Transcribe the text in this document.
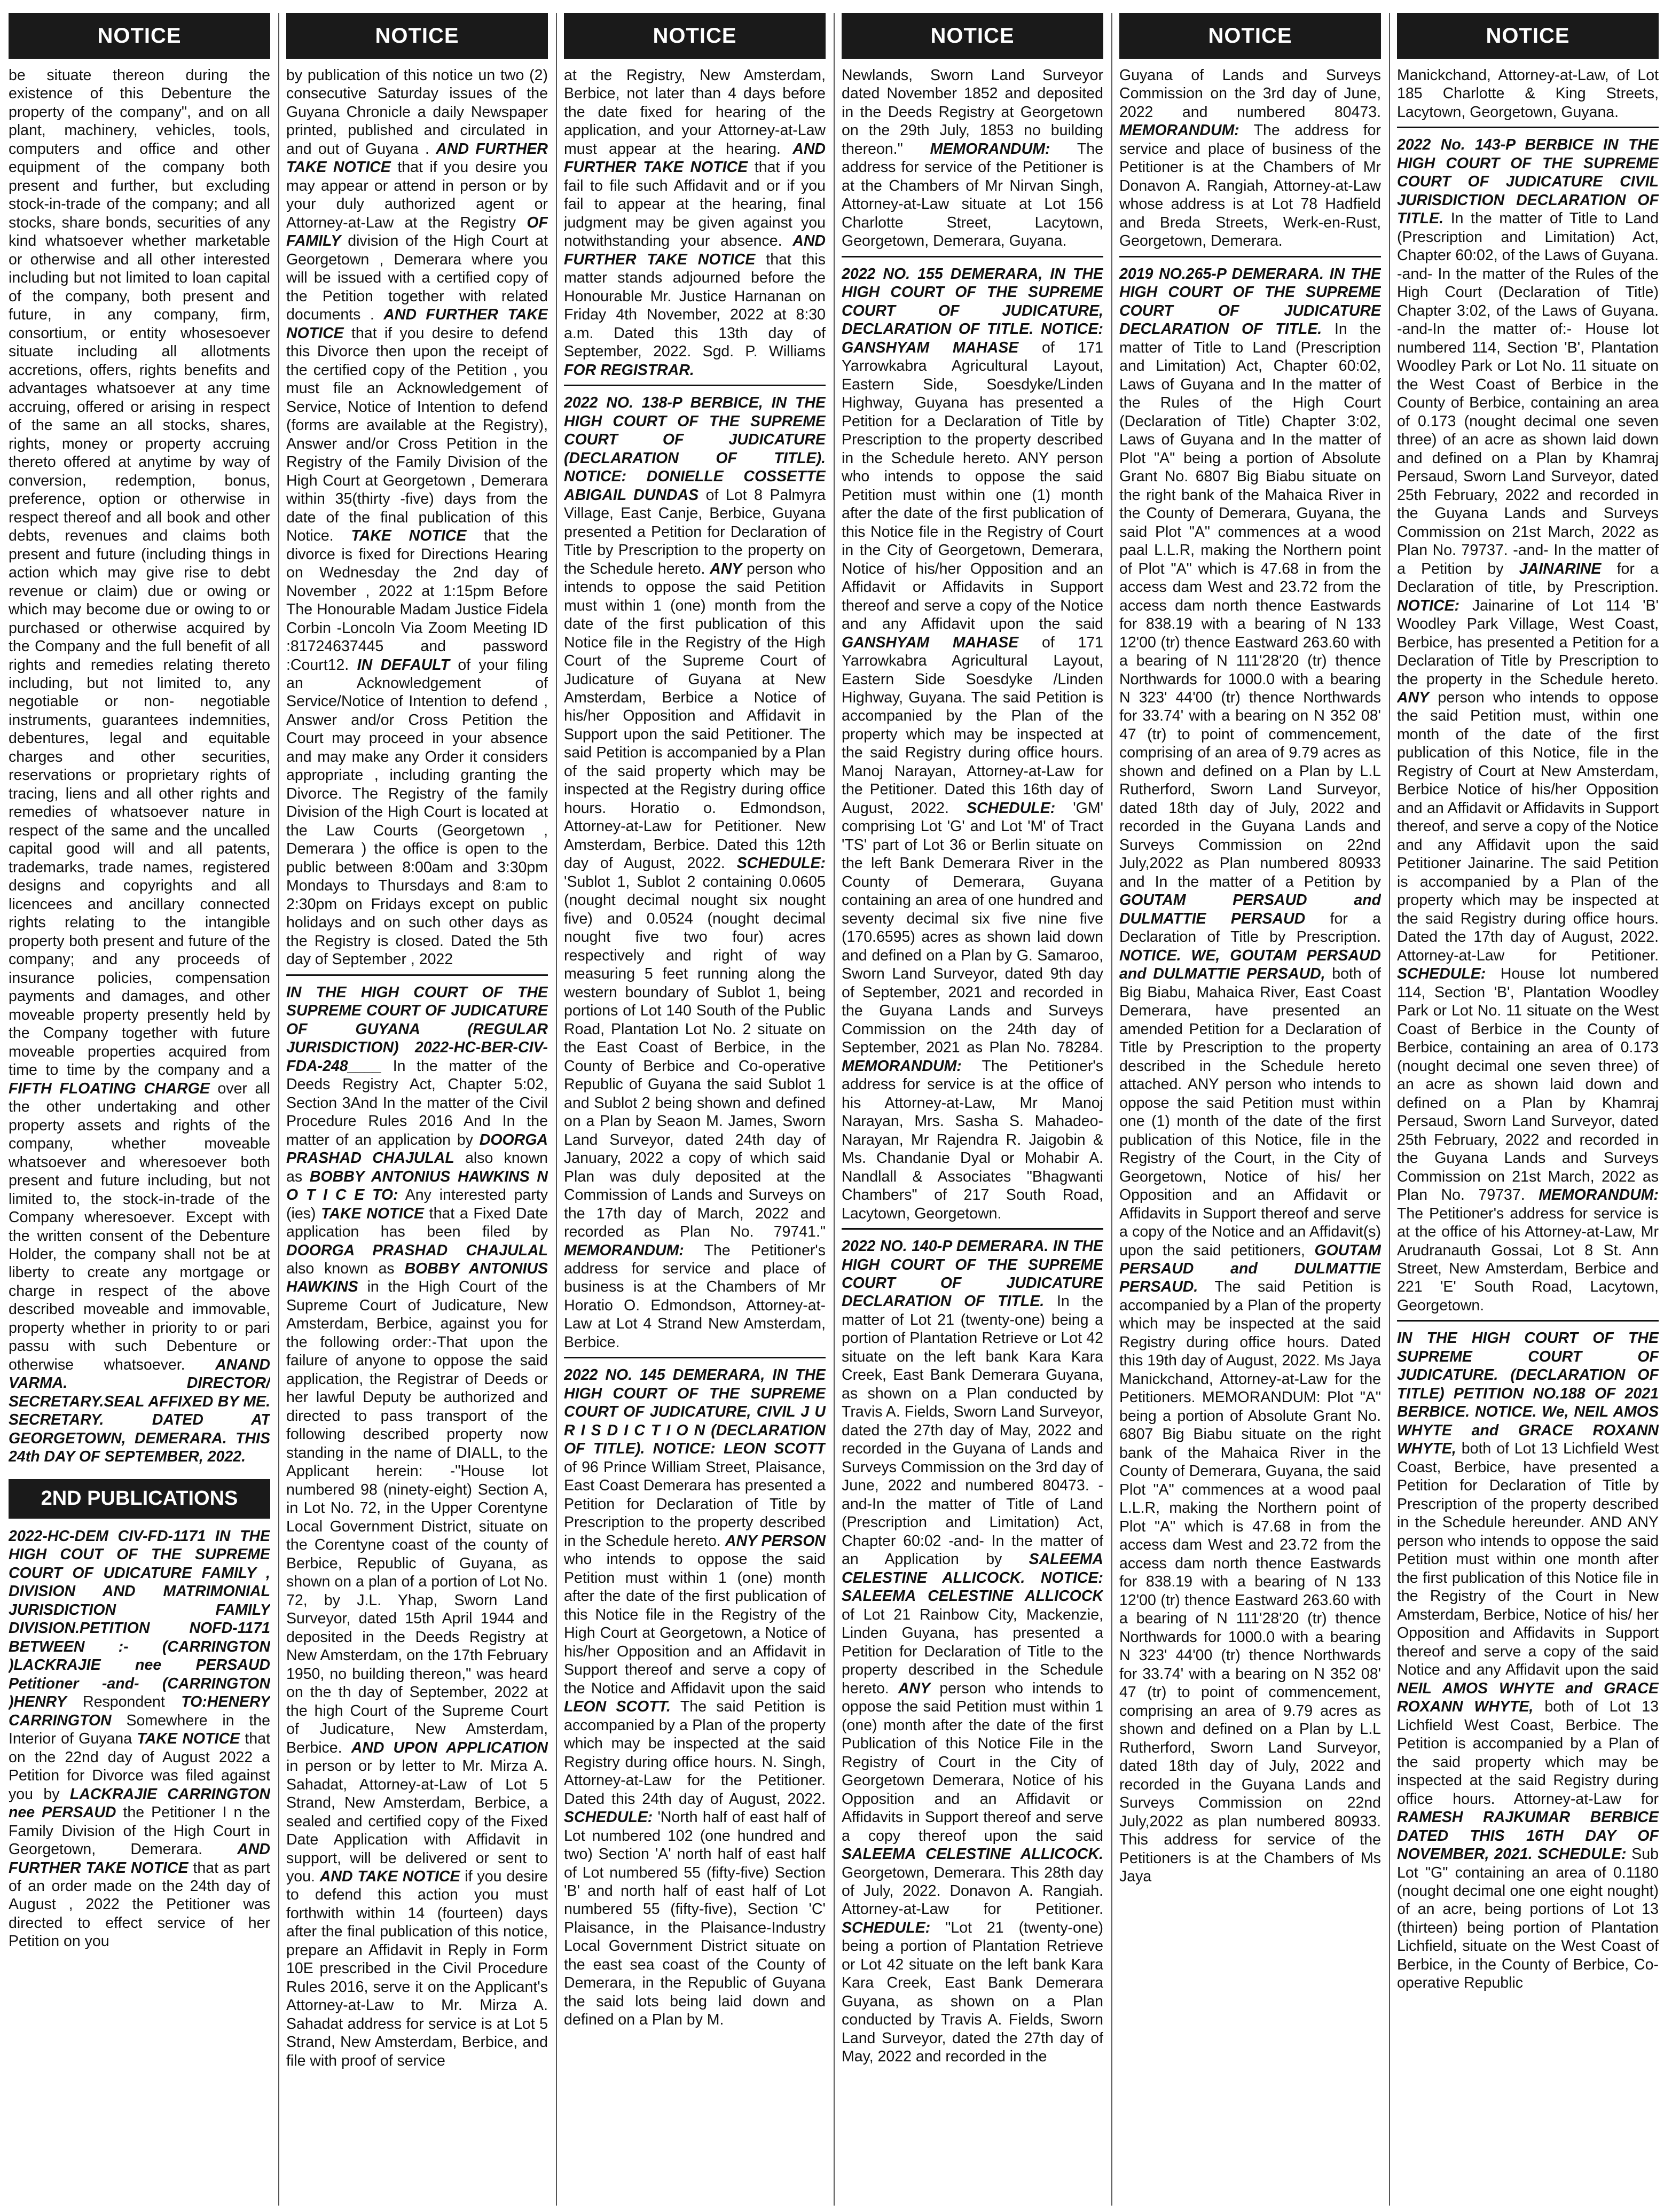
NOTICE

be situate thereon during the existence of this Debenture the property of the company", and on all plant, machinery, vehicles, tools, computers and office and other equipment of the company both present and further, but excluding stock-in-trade of the company; and all stocks, share bonds, securities of any kind whatsoever whether marketable or otherwise and all other interested including but not limited to loan capital of the company, both present and future, in any company, firm, consortium, or entity whosesoever situate including all allotments accretions, offers, rights benefits and advantages whatsoever at any time accruing, offered or arising in respect of the same an all stocks, shares, rights, money or property accruing thereto offered at anytime by way of conversion, redemption, bonus, preference, option or otherwise in respect thereof and all book and other debts, revenues and claims both present and future (including things in action which may give rise to debt revenue or claim) due or owing or which may become due or owing to or purchased or otherwise acquired by the Company and the full benefit of all rights and remedies relating thereto including, but not limited to, any negotiable or non- negotiable instruments, guarantees indemnities, debentures, legal and equitable charges and other securities, reservations or proprietary rights of tracing, liens and all other rights and remedies of whatsoever nature in respect of the same and the uncalled capital good will and all patents, trademarks, trade names, registered designs and copyrights and all licencees and ancillary connected rights relating to the intangible property both present and future of the company; and any proceeds of insurance policies, compensation payments and damages, and other moveable property presently held by the Company together with future moveable properties acquired from time to time by the company and a FIFTH FLOATING CHARGE over all the other undertaking and other property assets and rights of the company, whether moveable whatsoever and wheresoever both present and future including, but not limited to, the stock-in-trade of the Company wheresoever. Except with the written consent of the Debenture Holder, the company shall not be at liberty to create any mortgage or charge in respect of the above described moveable and immovable, property whether in priority to or pari passu with such Debenture or otherwise whatsoever. ANAND VARMA. DIRECTOR/ SECRETARY.SEAL AFFIXED BY ME. SECRETARY. DATED AT GEORGETOWN, DEMERARA. THIS 24th DAY OF SEPTEMBER, 2022.

2ND PUBLICATIONS

2022-HC-DEM CIV-FD-1171 IN THE HIGH COUT OF THE SUPREME COURT OF UDICATURE FAMILY , DIVISION AND MATRIMONIAL JURISDICTION FAMILY DIVISION.PETITION NOFD-1171 BETWEEN :- (CARRINGTON )LACKRAJIE nee PERSAUD Petitioner -and- (CARRINGTON )HENRY Respondent TO:HENERY CARRINGTON Somewhere in the Interior of Guyana TAKE NOTICE that on the 22nd day of August 2022 a Petition for Divorce was filed against you by LACKRAJIE CARRINGTON nee PERSAUD the Petitioner I n the Family Division of the High Court in Georgetown, Demerara. AND FURTHER TAKE NOTICE that as part of an order made on the 24th day of August , 2022 the Petitioner was directed to effect service of her Petition on you

NOTICE

by publication of this notice un two (2) consecutive Saturday issues of the Guyana Chronicle a daily Newspaper printed, published and circulated in and out of Guyana . AND FURTHER TAKE NOTICE that if you desire you may appear or attend in person or by your duly authorized agent or Attorney-at-Law at the Registry OF FAMILY division of the High Court at Georgetown , Demerara where you will be issued with a certified copy of the Petition together with related documents . AND FURTHER TAKE NOTICE that if you desire to defend this Divorce then upon the receipt of the certified copy of the Petition , you must file an Acknowledgement of Service, Notice of Intention to defend (forms are available at the Registry), Answer and/or Cross Petition in the Registry of the Family Division of the High Court at Georgetown , Demerara within 35(thirty -five) days from the date of the final publication of this Notice. TAKE NOTICE that the divorce is fixed for Directions Hearing on Wednesday the 2nd day of November , 2022 at 1:15pm Before The Honourable Madam Justice Fidela Corbin -Loncoln Via Zoom Meeting ID :81724637445 and password :Court12. IN DEFAULT of your filing an Acknowledgement of Service/Notice of Intention to defend , Answer and/or Cross Petition the Court may proceed in your absence and may make any Order it considers appropriate , including granting the Divorce. The Registry of the family Division of the High Court is located at the Law Courts (Georgetown , Demerara ) the office is open to the public between 8:00am and 3:30pm Mondays to Thursdays and 8:am to 2:30pm on Fridays except on public holidays and on such other days as the Registry is closed. Dated the 5th day of September , 2022

IN THE HIGH COURT OF THE SUPREME COURT OF JUDICATURE OF GUYANA (REGULAR JURISDICTION) 2022-HC-BER-CIV- FDA-248____ In the matter of the Deeds Registry Act, Chapter 5:02, Section 3And In the matter of the Civil Procedure Rules 2016 And In the matter of an application by DOORGA PRASHAD CHAJULAL also known as BOBBY ANTONIUS HAWKINS N O T I C E TO: Any interested party (ies) TAKE NOTICE that a Fixed Date application has been filed by DOORGA PRASHAD CHAJULAL also known as BOBBY ANTONIUS HAWKINS in the High Court of the Supreme Court of Judicature, New Amsterdam, Berbice, against you for the following order:-That upon the failure of anyone to oppose the said application, the Registrar of Deeds or her lawful Deputy be authorized and directed to pass transport of the following described property now standing in the name of DIALL, to the Applicant herein: -"House lot numbered 98 (ninety-eight) Section A, in Lot No. 72, in the Upper Corentyne Local Government District, situate on the Corentyne coast of the county of Berbice, Republic of Guyana, as shown on a plan of a portion of Lot No. 72, by J.L. Yhap, Sworn Land Surveyor, dated 15th April 1944 and deposited in the Deeds Registry at New Amsterdam, on the 17th February 1950, no building thereon," was heard on the th day of September, 2022 at the high Court of the Supreme Court of Judicature, New Amsterdam, Berbice. AND UPON APPLICATION in person or by letter to Mr. Mirza A. Sahadat, Attorney-at-Law of Lot 5 Strand, New Amsterdam, Berbice, a sealed and certified copy of the Fixed Date Application with Affidavit in support, will be delivered or sent to you. AND TAKE NOTICE if you desire to defend this action you must forthwith within 14 (fourteen) days after the final publication of this notice, prepare an Affidavit in Reply in Form 10E prescribed in the Civil Procedure Rules 2016, serve it on the Applicant's Attorney-at-Law to Mr. Mirza A. Sahadat address for service is at Lot 5 Strand, New Amsterdam, Berbice, and file with proof of service

NOTICE

at the Registry, New Amsterdam, Berbice, not later than 4 days before the date fixed for hearing of the application, and your Attorney-at-Law must appear at the hearing. AND FURTHER TAKE NOTICE that if you fail to file such Affidavit and or if you fail to appear at the hearing, final judgment may be given against you notwithstanding your absence. AND FURTHER TAKE NOTICE that this matter stands adjourned before the Honourable Mr. Justice Harnanan on Friday 4th November, 2022 at 8:30 a.m. Dated this 13th day of September, 2022. Sgd. P. Williams FOR REGISTRAR.

2022 NO. 138-P BERBICE, IN THE HIGH COURT OF THE SUPREME COURT OF JUDICATURE (DECLARATION OF TITLE). NOTICE: DONIELLE COSSETTE ABIGAIL DUNDAS of Lot 8 Palmyra Village, East Canje, Berbice, Guyana presented a Petition for Declaration of Title by Prescription to the property on the Schedule hereto. ANY person who intends to oppose the said Petition must within 1 (one) month from the date of the first publication of this Notice file in the Registry of the High Court of the Supreme Court of Judicature of Guyana at New Amsterdam, Berbice a Notice of his/her Opposition and Affidavit in Support upon the said Petitioner. The said Petition is accompanied by a Plan of the said property which may be inspected at the Registry during office hours. Horatio o. Edmondson, Attorney-at-Law for Petitioner. New Amsterdam, Berbice. Dated this 12th day of August, 2022. SCHEDULE: 'Sublot 1, Sublot 2 containing 0.0605 (nought decimal nought six nought five) and 0.0524 (nought decimal nought five two four) acres respectively and right of way measuring 5 feet running along the western boundary of Sublot 1, being portions of Lot 140 South of the Public Road, Plantation Lot No. 2 situate on the East Coast of Berbice, in the County of Berbice and Co-operative Republic of Guyana the said Sublot 1 and Sublot 2 being shown and defined on a Plan by Seaon M. James, Sworn Land Surveyor, dated 24th day of January, 2022 a copy of which said Plan was duly deposited at the Commission of Lands and Surveys on the 17th day of March, 2022 and recorded as Plan No. 79741." MEMORANDUM: The Petitioner's address for service and place of business is at the Chambers of Mr Horatio O. Edmondson, Attorney-at-Law at Lot 4 Strand New Amsterdam, Berbice.

2022 NO. 145 DEMERARA, IN THE HIGH COURT OF THE SUPREME COURT OF JUDICATURE, CIVIL J U R I S D I C T I O N (DECLARATION OF TITLE). NOTICE: LEON SCOTT of 96 Prince William Street, Plaisance, East Coast Demerara has presented a Petition for Declaration of Title by Prescription to the property described in the Schedule hereto. ANY PERSON who intends to oppose the said Petition must within 1 (one) month after the date of the first publication of this Notice file in the Registry of the High Court at Georgetown, a Notice of his/her Opposition and an Affidavit in Support thereof and serve a copy of the Notice and Affidavit upon the said LEON SCOTT. The said Petition is accompanied by a Plan of the property which may be inspected at the said Registry during office hours. N. Singh, Attorney-at-Law for the Petitioner. Dated this 24th day of August, 2022. SCHEDULE: 'North half of east half of Lot numbered 102 (one hundred and two) Section 'A' north half of east half of Lot numbered 55 (fifty-five) Section 'B' and north half of east half of Lot numbered 55 (fifty-five), Section 'C' Plaisance, in the Plaisance-Industry Local Government District situate on the east sea coast of the County of Demerara, in the Republic of Guyana the said lots being laid down and defined on a Plan by M.

NOTICE

Newlands, Sworn Land Surveyor dated November 1852 and deposited in the Deeds Registry at Georgetown on the 29th July, 1853 no building thereon." MEMORANDUM: The address for service of the Petitioner is at the Chambers of Mr Nirvan Singh, Attorney-at-Law situate at Lot 156 Charlotte Street, Lacytown, Georgetown, Demerara, Guyana.

2022 NO. 155 DEMERARA, IN THE HIGH COURT OF THE SUPREME COURT OF JUDICATURE, DECLARATION OF TITLE. NOTICE: GANSHYAM MAHASE of 171 Yarrowkabra Agricultural Layout, Eastern Side, Soesdyke/Linden Highway, Guyana has presented a Petition for a Declaration of Title by Prescription to the property described in the Schedule hereto. ANY person who intends to oppose the said Petition must within one (1) month after the date of the first publication of this Notice file in the Registry of Court in the City of Georgetown, Demerara, Notice of his/her Opposition and an Affidavit or Affidavits in Support thereof and serve a copy of the Notice and any Affidavit upon the said GANSHYAM MAHASE of 171 Yarrowkabra Agricultural Layout, Eastern Side Soesdyke /Linden Highway, Guyana. The said Petition is accompanied by the Plan of the property which may be inspected at the said Registry during office hours. Manoj Narayan, Attorney-at-Law for the Petitioner. Dated this 16th day of August, 2022. SCHEDULE: 'GM' comprising Lot 'G' and Lot 'M' of Tract 'TS' part of Lot 36 or Berlin situate on the left Bank Demerara River in the County of Demerara, Guyana containing an area of one hundred and seventy decimal six five nine five (170.6595) acres as shown laid down and defined on a Plan by G. Samaroo, Sworn Land Surveyor, dated 9th day of September, 2021 and recorded in the Guyana Lands and Surveys Commission on the 24th day of September, 2021 as Plan No. 78284. MEMORANDUM: The Petitioner's address for service is at the office of his Attorney-at-Law, Mr Manoj Narayan, Mrs. Sasha S. Mahadeo-Narayan, Mr Rajendra R. Jaigobin & Ms. Chandanie Dyal or Mohabir A. Nandlall & Associates "Bhagwanti Chambers" of 217 South Road, Lacytown, Georgetown.

2022 NO. 140-P DEMERARA. IN THE HIGH COURT OF THE SUPREME COURT OF JUDICATURE DECLARATION OF TITLE. In the matter of Lot 21 (twenty-one) being a portion of Plantation Retrieve or Lot 42 situate on the left bank Kara Kara Creek, East Bank Demerara Guyana, as shown on a Plan conducted by Travis A. Fields, Sworn Land Surveyor, dated the 27th day of May, 2022 and recorded in the Guyana of Lands and Surveys Commission on the 3rd day of June, 2022 and numbered 80473. -and-In the matter of Title of Land (Prescription and Limitation) Act, Chapter 60:02 -and- In the matter of an Application by SALEEMA CELESTINE ALLICOCK. NOTICE: SALEEMA CELESTINE ALLICOCK of Lot 21 Rainbow City, Mackenzie, Linden Guyana, has presented a Petition for Declaration of Title to the property described in the Schedule hereto. ANY person who intends to oppose the said Petition must within 1 (one) month after the date of the first Publication of this Notice File in the Registry of Court in the City of Georgetown Demerara, Notice of his Opposition and an Affidavit or Affidavits in Support thereof and serve a copy thereof upon the said SALEEMA CELESTINE ALLICOCK. Georgetown, Demerara. This 28th day of July, 2022. Donavon A. Rangiah. Attorney-at-Law for Petitioner. SCHEDULE: "Lot 21 (twenty-one) being a portion of Plantation Retrieve or Lot 42 situate on the left bank Kara Kara Creek, East Bank Demerara Guyana, as shown on a Plan conducted by Travis A. Fields, Sworn Land Surveyor, dated the 27th day of May, 2022 and recorded in the

NOTICE

Guyana of Lands and Surveys Commission on the 3rd day of June, 2022 and numbered 80473. MEMORANDUM: The address for service and place of business of the Petitioner is at the Chambers of Mr Donavon A. Rangiah, Attorney-at-Law whose address is at Lot 78 Hadfield and Breda Streets, Werk-en-Rust, Georgetown, Demerara.

2019 NO.265-P DEMERARA. IN THE HIGH COURT OF THE SUPREME COURT OF JUDICATURE DECLARATION OF TITLE. In the matter of Title to Land (Prescription and Limitation) Act, Chapter 60:02, Laws of Guyana and In the matter of the Rules of the High Court (Declaration of Title) Chapter 3:02, Laws of Guyana and In the matter of Plot "A" being a portion of Absolute Grant No. 6807 Big Biabu situate on the right bank of the Mahaica River in the County of Demerara, Guyana, the said Plot "A" commences at a wood paal L.L.R, making the Northern point of Plot "A" which is 47.68 in from the access dam West and 23.72 from the access dam north thence Eastwards for 838.19 with a bearing of N 133 12'00 (tr) thence Eastward 263.60 with a bearing of N 111'28'20 (tr) thence Northwards for 1000.0 with a bearing N 323' 44'00 (tr) thence Northwards for 33.74' with a bearing on N 352 08' 47 (tr) to point of commencement, comprising of an area of 9.79 acres as shown and defined on a Plan by L.L Rutherford, Sworn Land Surveyor, dated 18th day of July, 2022 and recorded in the Guyana Lands and Surveys Commission on 22nd July,2022 as Plan numbered 80933 and In the matter of a Petition by GOUTAM PERSAUD and DULMATTIE PERSAUD for a Declaration of Title by Prescription. NOTICE. WE, GOUTAM PERSAUD and DULMATTIE PERSAUD, both of Big Biabu, Mahaica River, East Coast Demerara, have presented an amended Petition for a Declaration of Title by Prescription to the property described in the Schedule hereto attached. ANY person who intends to oppose the said Petition must within one (1) month of the date of the first publication of this Notice, file in the Registry of the Court, in the City of Georgetown, Notice of his/ her Opposition and an Affidavit or Affidavits in Support thereof and serve a copy of the Notice and an Affidavit(s) upon the said petitioners, GOUTAM PERSAUD and DULMATTIE PERSAUD. The said Petition is accompanied by a Plan of the property which may be inspected at the said Registry during office hours. Dated this 19th day of August, 2022. Ms Jaya Manickchand, Attorney-at-Law for the Petitioners. MEMORANDUM: Plot "A" being a portion of Absolute Grant No. 6807 Big Biabu situate on the right bank of the Mahaica River in the County of Demerara, Guyana, the said Plot "A" commences at a wood paal L.L.R, making the Northern point of Plot "A" which is 47.68 in from the access dam West and 23.72 from the access dam north thence Eastwards for 838.19 with a bearing of N 133 12'00 (tr) thence Eastward 263.60 with a bearing of N 111'28'20 (tr) thence Northwards for 1000.0 with a bearing N 323' 44'00 (tr) thence Northwards for 33.74' with a bearing on N 352 08' 47 (tr) to point of commencement, comprising an area of 9.79 acres as shown and defined on a Plan by L.L Rutherford, Sworn Land Surveyor, dated 18th day of July, 2022 and recorded in the Guyana Lands and Surveys Commission on 22nd July,2022 as plan numbered 80933. This address for service of the Petitioners is at the Chambers of Ms Jaya

NOTICE

Manickchand, Attorney-at-Law, of Lot 185 Charlotte & King Streets, Lacytown, Georgetown, Guyana.

2022 No. 143-P BERBICE IN THE HIGH COURT OF THE SUPREME COURT OF JUDICATURE CIVIL JURISDICTION DECLARATION OF TITLE. In the matter of Title to Land (Prescription and Limitation) Act, Chapter 60:02, of the Laws of Guyana. -and- In the matter of the Rules of the High Court (Declaration of Title) Chapter 3:02, of the Laws of Guyana. -and-In the matter of:- House lot numbered 114, Section 'B', Plantation Woodley Park or Lot No. 11 situate on the West Coast of Berbice in the County of Berbice, containing an area of 0.173 (nought decimal one seven three) of an acre as shown laid down and defined on a Plan by Khamraj Persaud, Sworn Land Surveyor, dated 25th February, 2022 and recorded in the Guyana Lands and Surveys Commission on 21st March, 2022 as Plan No. 79737. -and- In the matter of a Petition by JAINARINE for a Declaration of title, by Prescription. NOTICE: Jainarine of Lot 114 'B' Woodley Park Village, West Coast, Berbice, has presented a Petition for a Declaration of Title by Prescription to the property in the Schedule hereto. ANY person who intends to oppose the said Petition must, within one month of the date of the first publication of this Notice, file in the Registry of Court at New Amsterdam, Berbice Notice of his/her Opposition and an Affidavit or Affidavits in Support thereof, and serve a copy of the Notice and any Affidavit upon the said Petitioner Jainarine. The said Petition is accompanied by a Plan of the property which may be inspected at the said Registry during office hours. Dated the 17th day of August, 2022. Attorney-at-Law for Petitioner. SCHEDULE: House lot numbered 114, Section 'B', Plantation Woodley Park or Lot No. 11 situate on the West Coast of Berbice in the County of Berbice, containing an area of 0.173 (nought decimal one seven three) of an acre as shown laid down and defined on a Plan by Khamraj Persaud, Sworn Land Surveyor, dated 25th February, 2022 and recorded in the Guyana Lands and Surveys Commission on 21st March, 2022 as Plan No. 79737. MEMORANDUM: The Petitioner's address for service is at the office of his Attorney-at-Law, Mr Arudranauth Gossai, Lot 8 St. Ann Street, New Amsterdam, Berbice and 221 'E' South Road, Lacytown, Georgetown.

IN THE HIGH COURT OF THE SUPREME COURT OF JUDICATURE. (DECLARATION OF TITLE) PETITION NO.188 OF 2021 BERBICE. NOTICE. We, NEIL AMOS WHYTE and GRACE ROXANN WHYTE, both of Lot 13 Lichfield West Coast, Berbice, have presented a Petition for Declaration of Title by Prescription of the property described in the Schedule hereunder. AND ANY person who intends to oppose the said Petition must within one month after the first publication of this Notice file in the Registry of the Court in New Amsterdam, Berbice, Notice of his/ her Opposition and Affidavits in Support thereof and serve a copy of the said Notice and any Affidavit upon the said NEIL AMOS WHYTE and GRACE ROXANN WHYTE, both of Lot 13 Lichfield West Coast, Berbice. The Petition is accompanied by a Plan of the said property which may be inspected at the said Registry during office hours. Attorney-at-Law for RAMESH RAJKUMAR BERBICE DATED THIS 16TH DAY OF NOVEMBER, 2021. SCHEDULE: Sub Lot "G" containing an area of 0.1180 (nought decimal one one eight nought) of an acre, being portions of Lot 13 (thirteen) being portion of Plantation Lichfield, situate on the West Coast of Berbice, in the County of Berbice, Co-operative Republic
